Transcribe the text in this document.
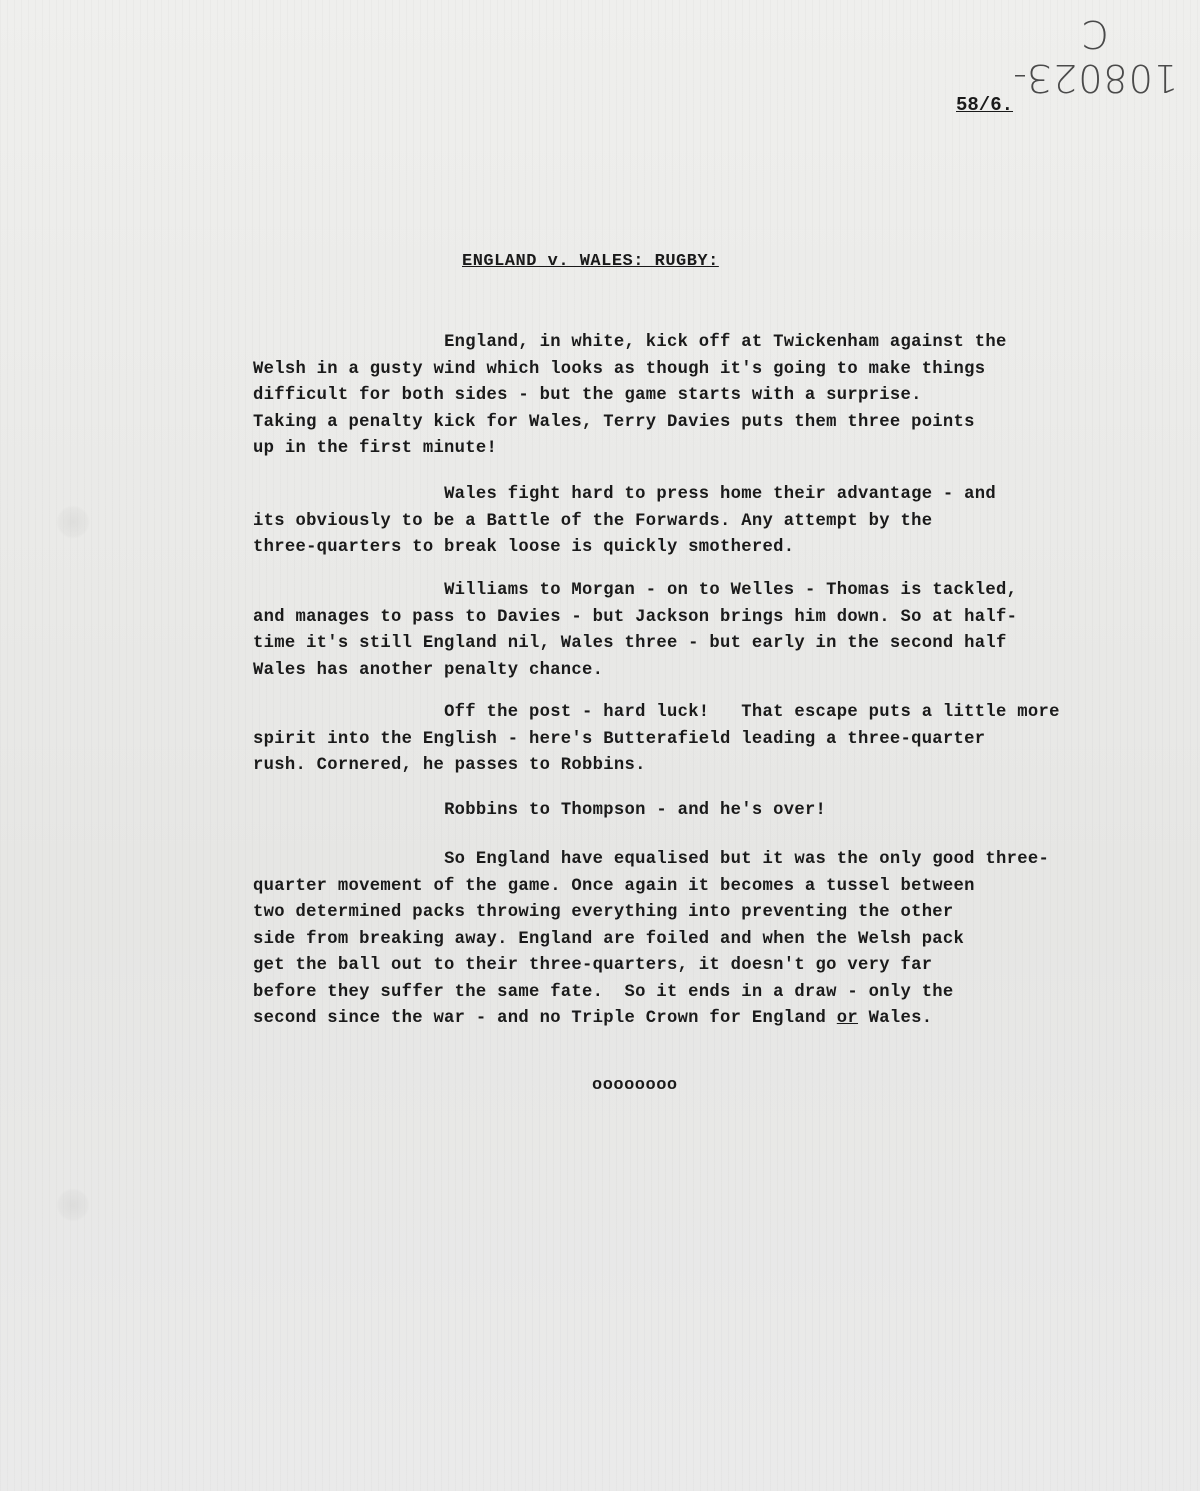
10802З-С
58/6.
ENGLAND v. WALES: RUGBY:

England, in white, kick off at Twickenham against the
Welsh in a gusty wind which looks as though it's going to make things
difficult for both sides - but the game starts with a surprise.
Taking a penalty kick for Wales, Terry Davies puts them three points
up in the first minute!

Wales fight hard to press home their advantage - and
its obviously to be a Battle of the Forwards. Any attempt by the
three-quarters to break loose is quickly smothered.

Williams to Morgan - on to Welles - Thomas is tackled,
and manages to pass to Davies - but Jackson brings him down. So at half-
time it's still England nil, Wales three - but early in the second half
Wales has another penalty chance.

Off the post - hard luck!   That escape puts a little more
spirit into the English - here's Butterafield leading a three-quarter
rush. Cornered, he passes to Robbins.

Robbins to Thompson - and he's over!

So England have equalised but it was the only good three-
quarter movement of the game. Once again it becomes a tussel between
two determined packs throwing everything into preventing the other
side from breaking away. England are foiled and when the Welsh pack
get the ball out to their three-quarters, it doesn't go very far
before they suffer the same fate.  So it ends in a draw - only the
second since the war - and no Triple Crown for England or Wales.

oooooooo
